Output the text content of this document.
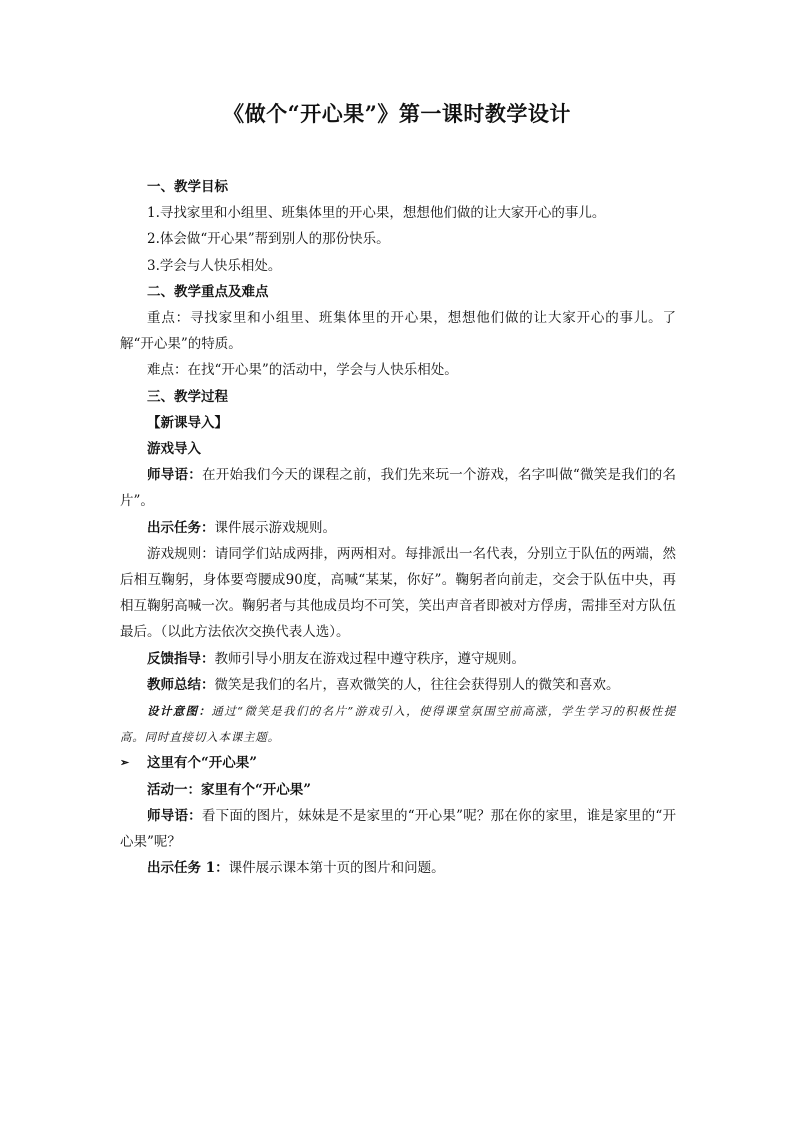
《做个“开心果”》第一课时教学设计

一、教学目标

1.寻找家里和小组里、班集体里的开心果，想想他们做的让大家开心的事儿。

2.体会做“开心果”帮到别人的那份快乐。

3.学会与人快乐相处。

二、教学重点及难点

重点：寻找家里和小组里、班集体里的开心果，想想他们做的让大家开心的事儿。了解“开心果”的特质。

难点：在找“开心果”的活动中，学会与人快乐相处。

三、教学过程

【新课导入】

游戏导入

师导语：在开始我们今天的课程之前，我们先来玩一个游戏，名字叫做“微笑是我们的名片”。

出示任务：课件展示游戏规则。

游戏规则：请同学们站成两排，两两相对。每排派出一名代表，分别立于队伍的两端，然后相互鞠躬，身体要弯腰成90度，高喊“某某，你好”。鞠躬者向前走，交会于队伍中央，再相互鞠躬高喊一次。鞠躬者与其他成员均不可笑，笑出声音者即被对方俘虏，需排至对方队伍最后。（以此方法依次交换代表人选）。

反馈指导：教师引导小朋友在游戏过程中遵守秩序，遵守规则。

教师总结：微笑是我们的名片，喜欢微笑的人，往往会获得别人的微笑和喜欢。

设计意图：通过“微笑是我们的名片”游戏引入，使得课堂氛围空前高涨，学生学习的积极性提高。同时直接切入本课主题。

➢ 这里有个“开心果”

活动一：家里有个“开心果”

师导语：看下面的图片，妹妹是不是家里的“开心果”呢？那在你的家里，谁是家里的“开心果”呢？

出示任务 1：课件展示课本第十页的图片和问题。
